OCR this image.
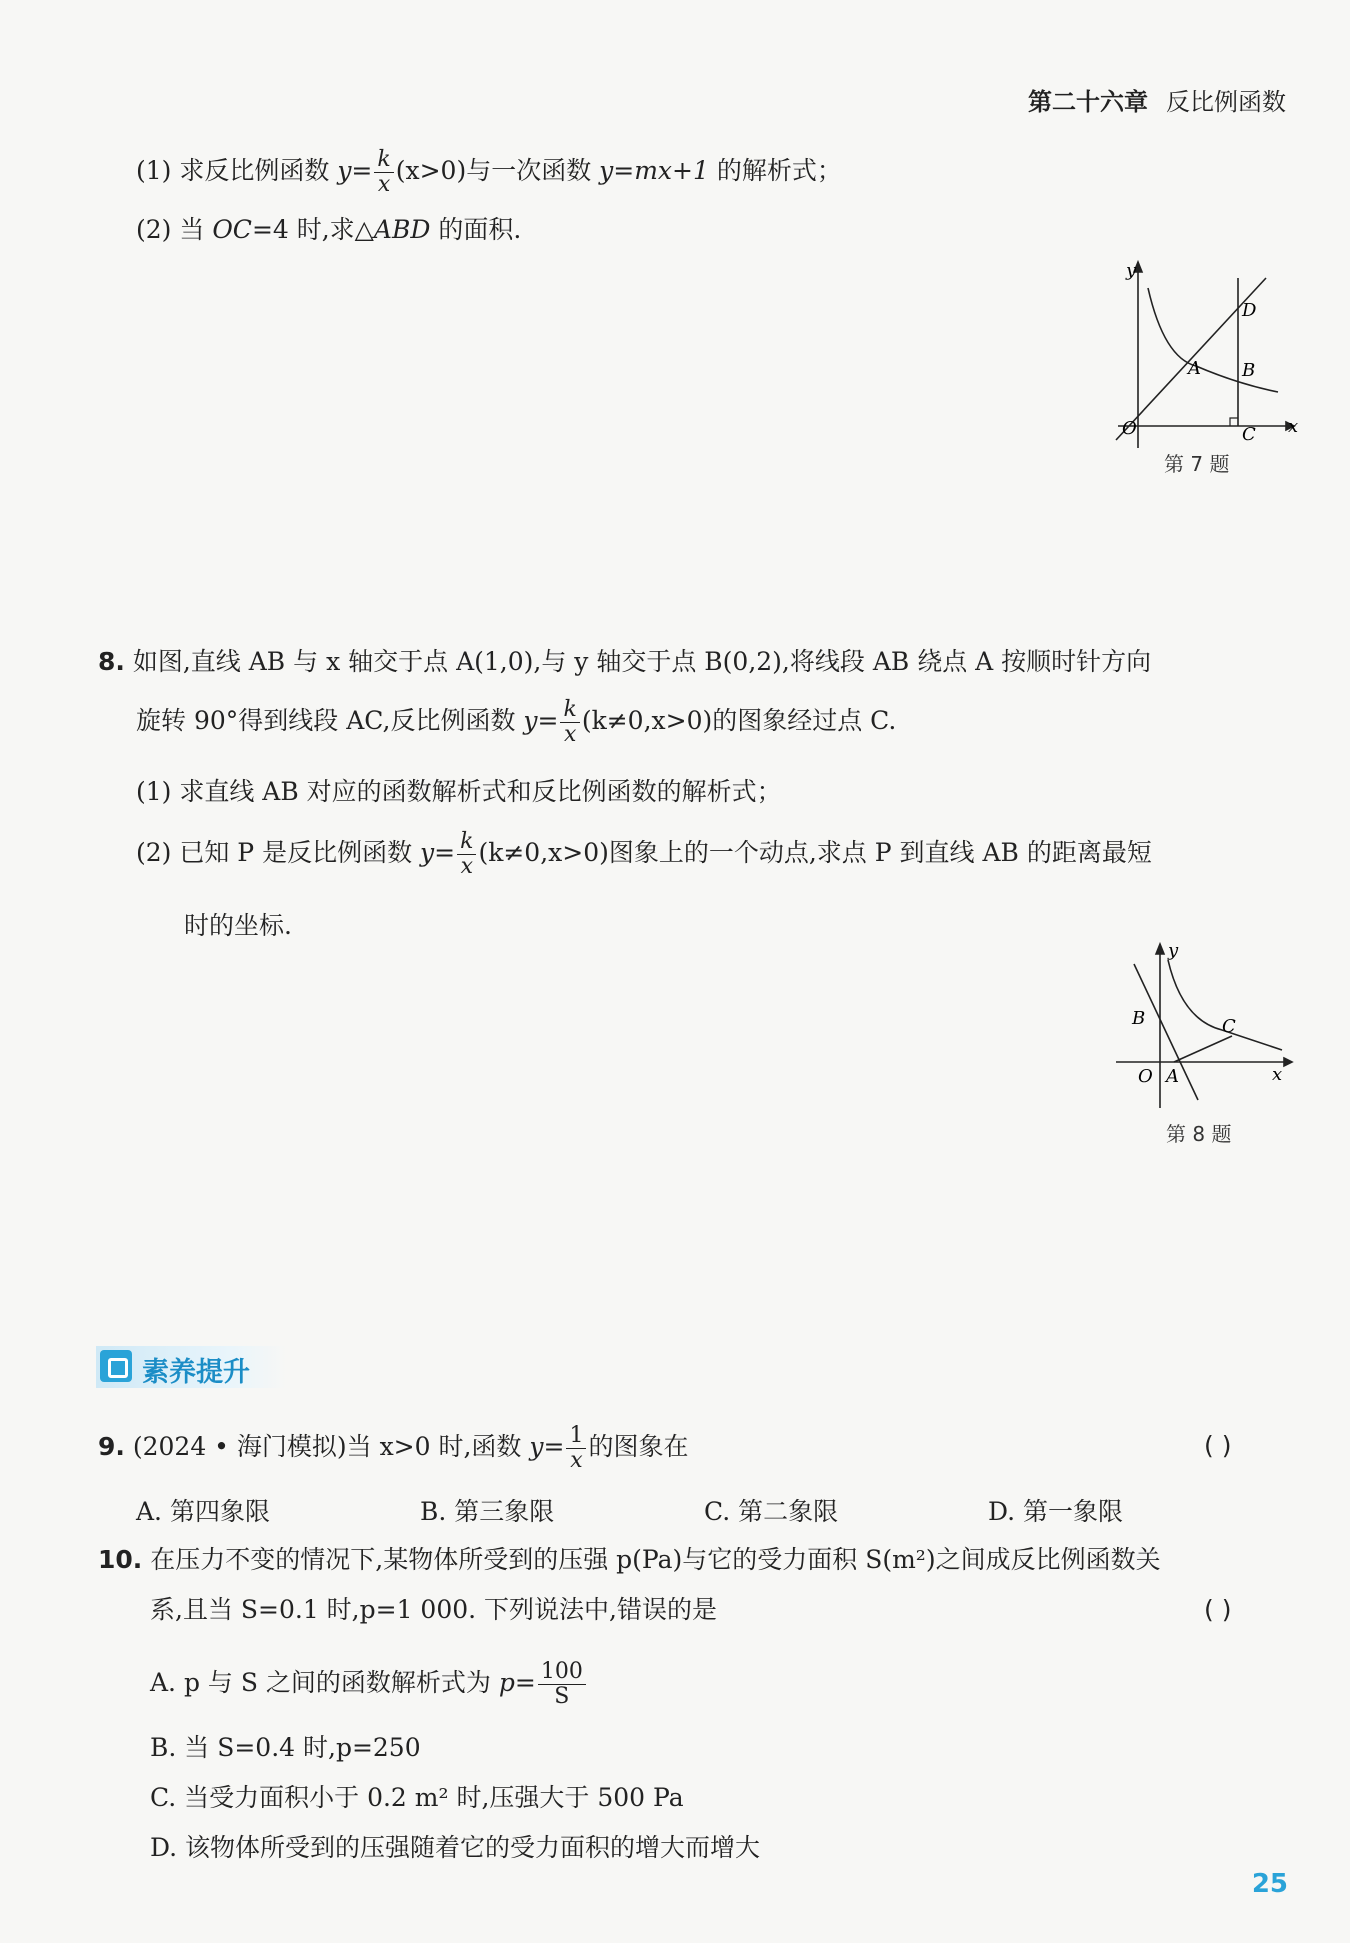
第二十六章 反比例函数
(1) 求反比例函数 $y= \frac{k}{x} (x>0)$与一次函数 y=mx+1 的解析式；
(2) 当 OC=4 时,求△ABD 的面积.
y
x
O
A B
C
D
第 7 题
8. 如图,直线 AB 与 x 轴交于点 A(1,0),与 y 轴交于点 B(0,2),将线段 AB 绕点 A 按顺时针方向
旋转 90°得到线段 AC,反比例函数 $y= \frac{k}{x} (k\ne 0,x>0)$的图象经过点 C.
(1) 求直线 AB 对应的函数解析式和反比例函数的解析式；
(2) 已知 P 是反比例函数 $y= \frac{k}{x} (k\ne 0,x>0)$图象上的一个动点,求点 P 到直线 AB 的距离最短
时的坐标.
B
y
x
O A
C
第 8 题
素养提升
9. (2024 • 海门模拟)当 x>0 时,函数 $y= \frac{1}{x}$ 的图象在	( )
A. 第四象限	B. 第三象限	C. 第二象限	D. 第一象限
10. 在压力不变的情况下,某物体所受到的压强 p(Pa)与它的受力面积 S(m²)之间成反比例函数关
系,且当 S=0.1 时,p=1 000. 下列说法中,错误的是	( )
A. p 与 S 之间的函数解析式为 $p= \frac{100}{S}$
B. 当 S=0.4 时,p=250
C. 当受力面积小于 0.2 m² 时,压强大于 500 Pa
D. 该物体所受到的压强随着它的受力面积的增大而增大
25
